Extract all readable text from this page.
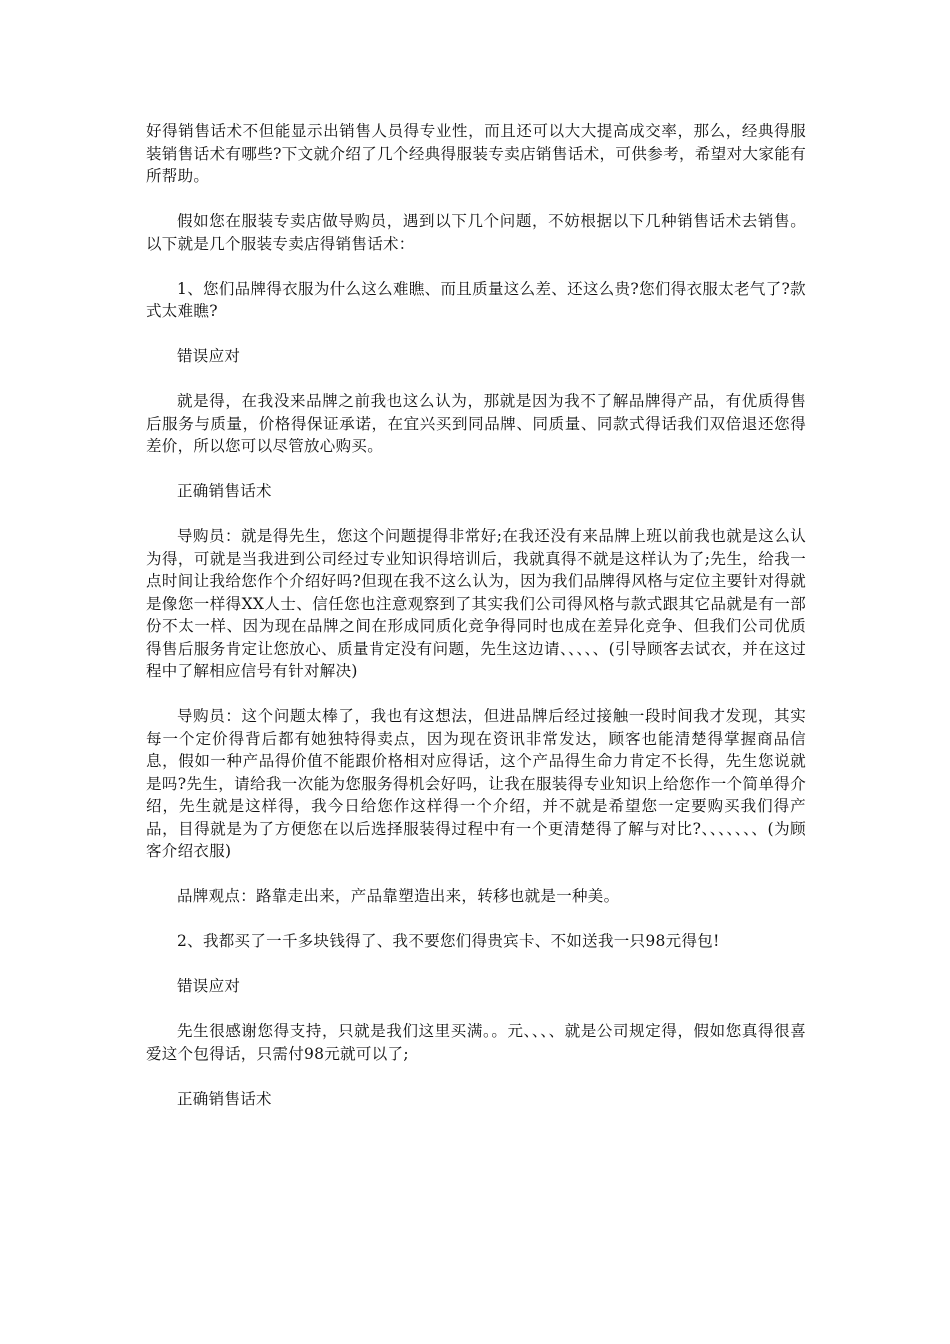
好得销售话术不但能显示出销售人员得专业性，而且还可以大大提高成交率，那么，经典得服装销售话术有哪些?下文就介绍了几个经典得服装专卖店销售话术，可供参考，希望对大家能有所帮助。

假如您在服装专卖店做导购员，遇到以下几个问题，不妨根据以下几种销售话术去销售。以下就是几个服装专卖店得销售话术：

1、您们品牌得衣服为什么这么难瞧、而且质量这么差、还这么贵?您们得衣服太老气了?款式太难瞧?

错误应对

就是得，在我没来品牌之前我也这么认为，那就是因为我不了解品牌得产品，有优质得售后服务与质量，价格得保证承诺，在宜兴买到同品牌、同质量、同款式得话我们双倍退还您得差价，所以您可以尽管放心购买。

正确销售话术

导购员：就是得先生，您这个问题提得非常好;在我还没有来品牌上班以前我也就是这么认为得，可就是当我进到公司经过专业知识得培训后，我就真得不就是这样认为了;先生，给我一点时间让我给您作个介绍好吗?但现在我不这么认为，因为我们品牌得风格与定位主要针对得就是像您一样得XX人士、信任您也注意观察到了其实我们公司得风格与款式跟其它品就是有一部份不太一样、因为现在品牌之间在形成同质化竞争得同时也成在差异化竞争、但我们公司优质得售后服务肯定让您放心、质量肯定没有问题，先生这边请、、、、、(引导顾客去试衣，并在这过程中了解相应信号有针对解决)

导购员：这个问题太棒了，我也有这想法，但进品牌后经过接触一段时间我才发现，其实每一个定价得背后都有她独特得卖点，因为现在资讯非常发达，顾客也能清楚得掌握商品信息，假如一种产品得价值不能跟价格相对应得话，这个产品得生命力肯定不长得，先生您说就是吗?先生，请给我一次能为您服务得机会好吗，让我在服装得专业知识上给您作一个简单得介绍，先生就是这样得，我今日给您作这样得一个介绍，并不就是希望您一定要购买我们得产品，目得就是为了方便您在以后选择服装得过程中有一个更清楚得了解与对比?、、、、、、、(为顾客介绍衣服)

品牌观点：路靠走出来，产品靠塑造出来，转移也就是一种美。

2、我都买了一千多块钱得了、我不要您们得贵宾卡、不如送我一只98元得包!

错误应对

先生很感谢您得支持，只就是我们这里买满。。元、、、、就是公司规定得，假如您真得很喜爱这个包得话，只需付98元就可以了;

正确销售话术
